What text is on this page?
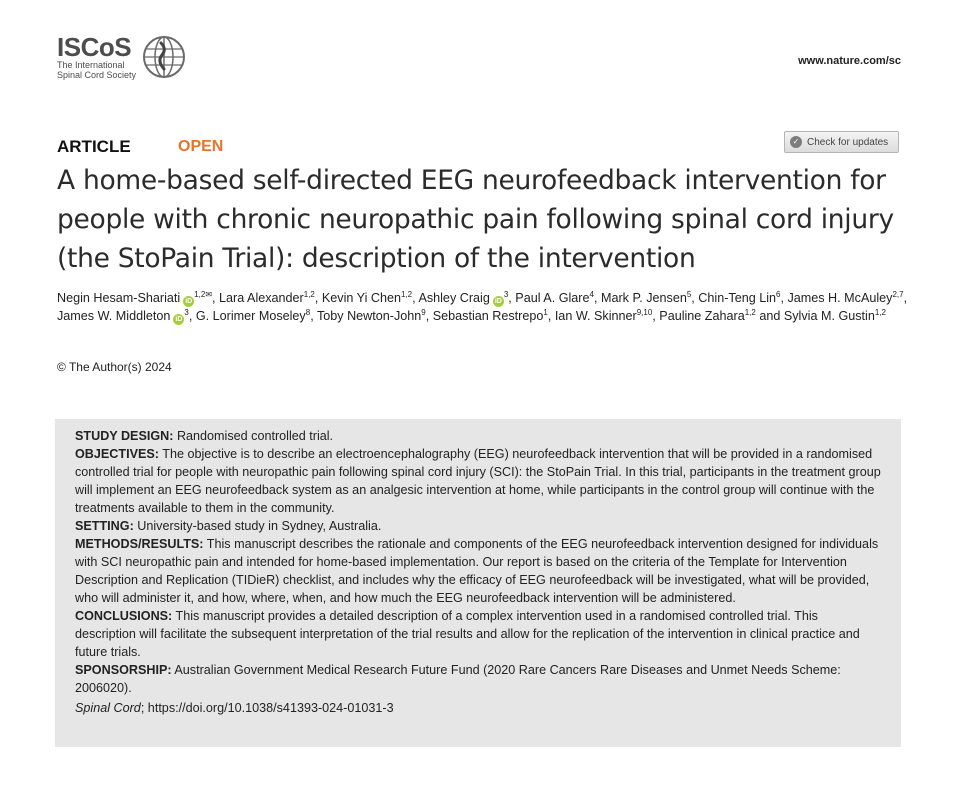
ISCoS
The International
Spinal Cord Society
www.nature.com/sc
ARTICLE	OPEN	✓ Check for updates
A home-based self-directed EEG neurofeedback intervention for people with chronic neuropathic pain following spinal cord injury (the StoPain Trial): description of the intervention
Negin Hesam-Shariati $iD^{1,2✉}$, Lara Alexander$^{1,2}$, Kevin Yi Chen$^{1,2}$, Ashley Craig $iD^3$, Paul A. Glare$^4$, Mark P. Jensen$^5$, Chin-Teng Lin$^6$, James H. McAuley$^{2,7}$, James W. Middleton $iD^3$, G. Lorimer Moseley$^8$, Toby Newton-John$^9$, Sebastian Restrepo$^1$, Ian W. Skinner$^{9,10}$, Pauline Zahara$^{1,2}$ and Sylvia M. Gustin$^{1,2}$
© The Author(s) 2024

STUDY DESIGN: Randomised controlled trial.

OBJECTIVES: The objective is to describe an electroencephalography (EEG) neurofeedback intervention that will be provided in a randomised controlled trial for people with neuropathic pain following spinal cord injury (SCI): the StoPain Trial. In this trial, participants in the treatment group will implement an EEG neurofeedback system as an analgesic intervention at home, while participants in the control group will continue with the treatments available to them in the community.

SETTING: University-based study in Sydney, Australia.

METHODS/RESULTS: This manuscript describes the rationale and components of the EEG neurofeedback intervention designed for individuals with SCI neuropathic pain and intended for home-based implementation. Our report is based on the criteria of the Template for Intervention Description and Replication (TIDieR) checklist, and includes why the efficacy of EEG neurofeedback will be investigated, what will be provided, who will administer it, and how, where, when, and how much the EEG neurofeedback intervention will be administered.

CONCLUSIONS: This manuscript provides a detailed description of a complex intervention used in a randomised controlled trial. This description will facilitate the subsequent interpretation of the trial results and allow for the replication of the intervention in clinical practice and future trials.

SPONSORSHIP: Australian Government Medical Research Future Fund (2020 Rare Cancers Rare Diseases and Unmet Needs Scheme: 2006020).

Spinal Cord; https://doi.org/10.1038/s41393-024-01031-3
